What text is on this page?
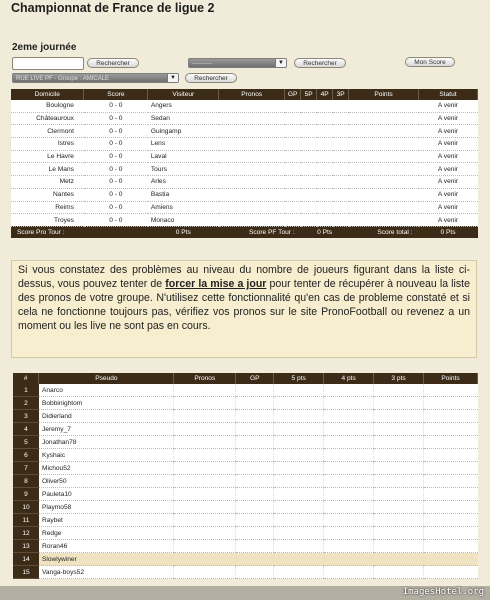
Championnat de France de ligue 2
2eme journée
Rechercher	----------	▼	Rechercher	Mon Score
RUE LIVE PF - Groupe : AMICALE	▼	Rechercher
Domicile	Score	Visiteur	Pronos	GP	5P	4P	3P	Points	Statut
Boulogne	0 - 0	Angers							A venir
Châteauroux	0 - 0	Sedan							A venir
Clermont	0 - 0	Guingamp							A venir
Istres	0 - 0	Lens							A venir
Le Havre	0 - 0	Laval							A venir
Le Mans	0 - 0	Tours							A venir
Metz	0 - 0	Arles							A venir
Nantes	0 - 0	Bastia							A venir
Reims	0 - 0	Amiens							A venir
Troyes	0 - 0	Monaco							A venir
Score Pro Tour :		0 Pts	Score PF Tour :		0 Pts			Score total :	0 Pts
Si vous constatez des problèmes au niveau du nombre de joueurs figurant dans la liste ci-dessus, vous pouvez tenter de forcer la mise a jour pour tenter de récupérer à nouveau la liste des pronos de votre groupe. N'utilisez cette fonctionnalité qu'en cas de probleme constaté et si cela ne fonctionne toujours pas, vérifiez vos pronos sur le site PronoFootball ou revenez a un moment ou les live ne sont pas en cours.
#	Pseudo	Pronos	GP	5 pts	4 pts	3 pts	Points
1	Anarco						
2	Bobbinightom						
3	Didierland						
4	Jeremy_7						
5	Jonathan78						
6	Kyshaic						
7	Michou52						
8	Oliver50						
9	Pauleta10						
10	Playmo58						
11	Raybet						
12	Redge						
13	Roran46						
14	Slowlywiner						
15	Vanga-boys52						
ImagesHotel.org
